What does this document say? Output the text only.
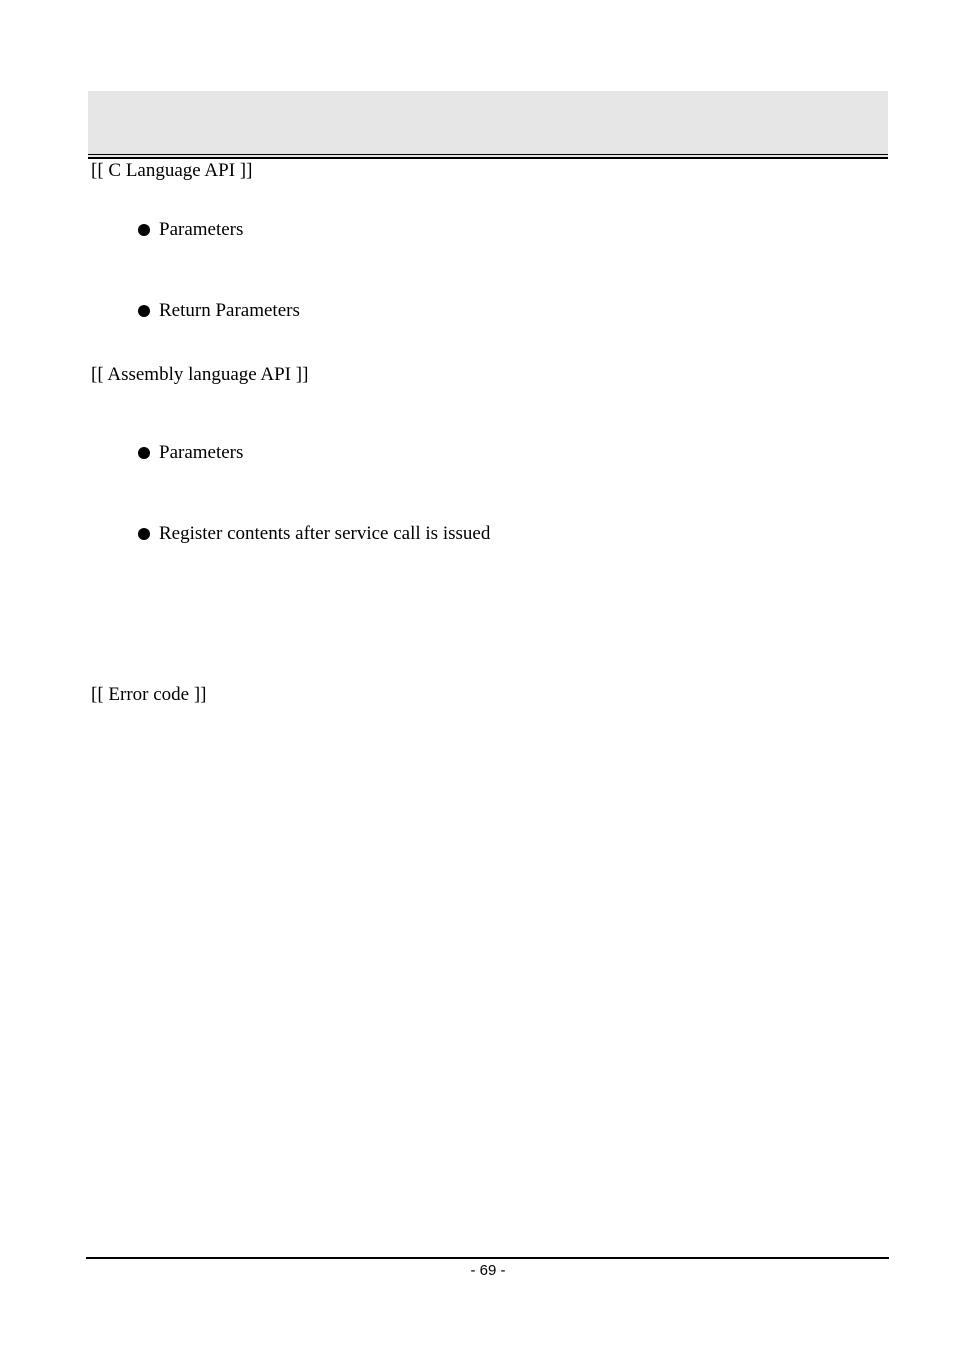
[[ C Language API ]]
Parameters
Return Parameters
[[ Assembly language API ]]
Parameters
Register contents after service call is issued
[[ Error code ]]
- 69 -
